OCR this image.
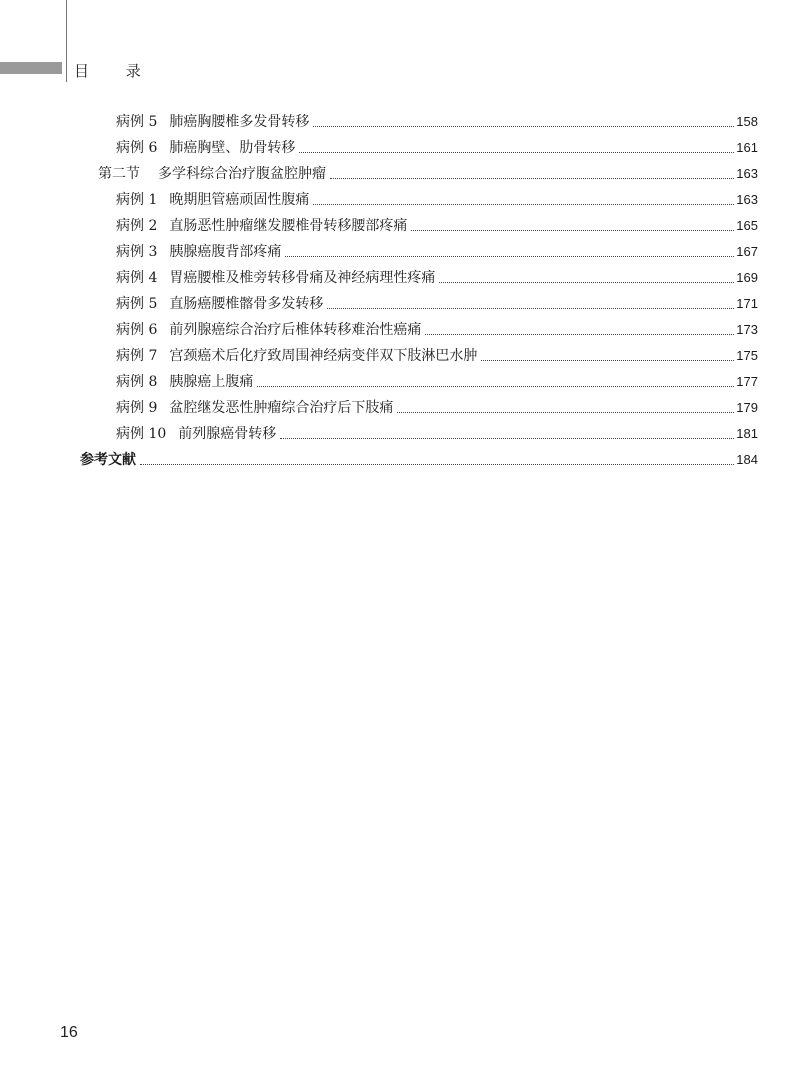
目 录
病例 5 肺癌胸腰椎多发骨转移	158
病例 6 肺癌胸壁、肋骨转移	161
第二节 多学科综合治疗腹盆腔肿瘤	163
病例 1 晚期胆管癌顽固性腹痛	163
病例 2 直肠恶性肿瘤继发腰椎骨转移腰部疼痛	165
病例 3 胰腺癌腹背部疼痛	167
病例 4 胃癌腰椎及椎旁转移骨痛及神经病理性疼痛	169
病例 5 直肠癌腰椎髂骨多发转移	171
病例 6 前列腺癌综合治疗后椎体转移难治性癌痛	173
病例 7 宫颈癌术后化疗致周围神经病变伴双下肢淋巴水肿	175
病例 8 胰腺癌上腹痛	177
病例 9 盆腔继发恶性肿瘤综合治疗后下肢痛	179
病例 10 前列腺癌骨转移	181
参考文献	184
16
